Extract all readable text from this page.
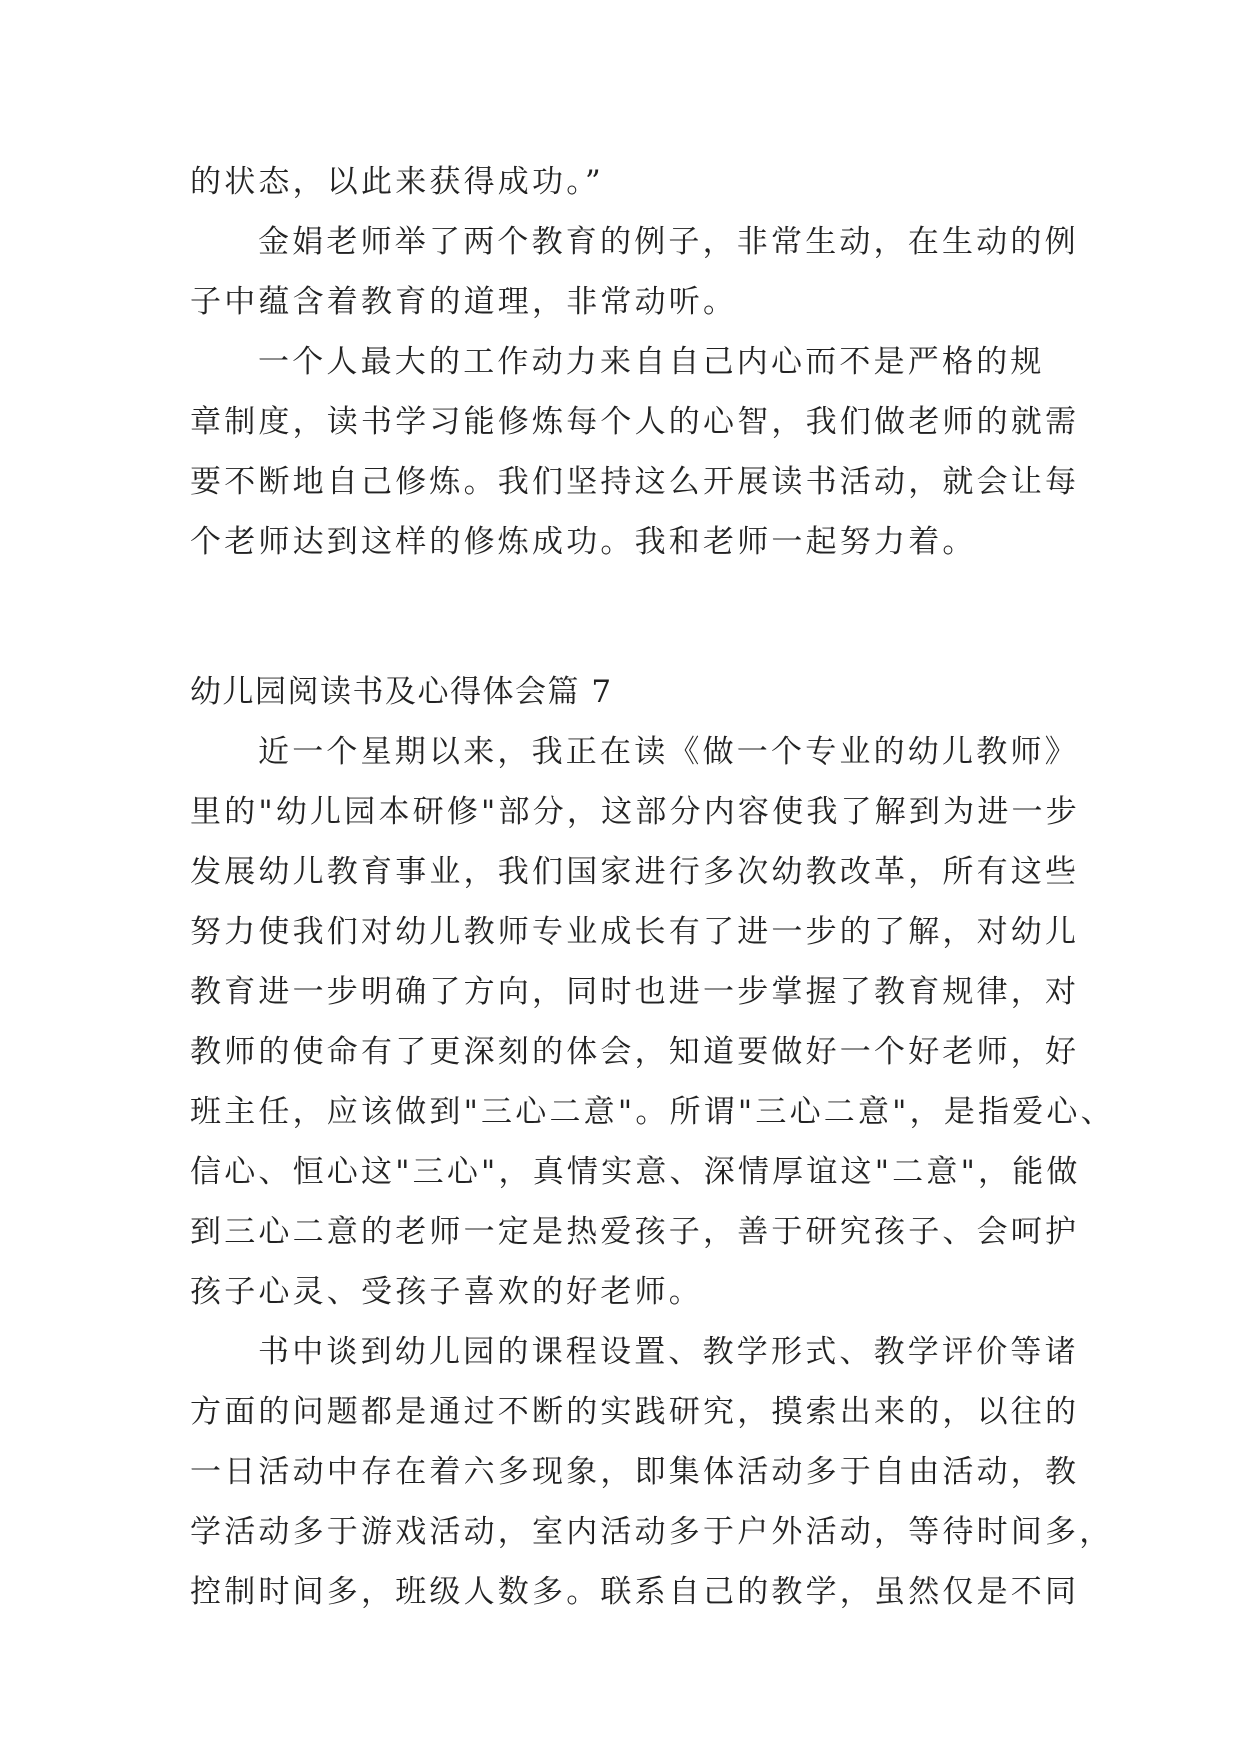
的状态，以此来获得成功。”
金娟老师举了两个教育的例子，非常生动，在生动的例
子中蕴含着教育的道理，非常动听。
一个人最大的工作动力来自自己内心而不是严格的规
章制度，读书学习能修炼每个人的心智，我们做老师的就需
要不断地自己修炼。我们坚持这么开展读书活动，就会让每
个老师达到这样的修炼成功。我和老师一起努力着。
幼儿园阅读书及心得体会篇 7
近一个星期以来，我正在读《做一个专业的幼儿教师》
里的"幼儿园本研修"部分，这部分内容使我了解到为进一步
发展幼儿教育事业，我们国家进行多次幼教改革，所有这些
努力使我们对幼儿教师专业成长有了进一步的了解，对幼儿
教育进一步明确了方向，同时也进一步掌握了教育规律，对
教师的使命有了更深刻的体会，知道要做好一个好老师，好
班主任，应该做到"三心二意"。所谓"三心二意"，是指爱心、
信心、恒心这"三心"，真情实意、深情厚谊这"二意"，能做
到三心二意的老师一定是热爱孩子，善于研究孩子、会呵护
孩子心灵、受孩子喜欢的好老师。
书中谈到幼儿园的课程设置、教学形式、教学评价等诸
方面的问题都是通过不断的实践研究，摸索出来的，以往的
一日活动中存在着六多现象，即集体活动多于自由活动，教
学活动多于游戏活动，室内活动多于户外活动，等待时间多，
控制时间多，班级人数多。联系自己的教学，虽然仅是不同
